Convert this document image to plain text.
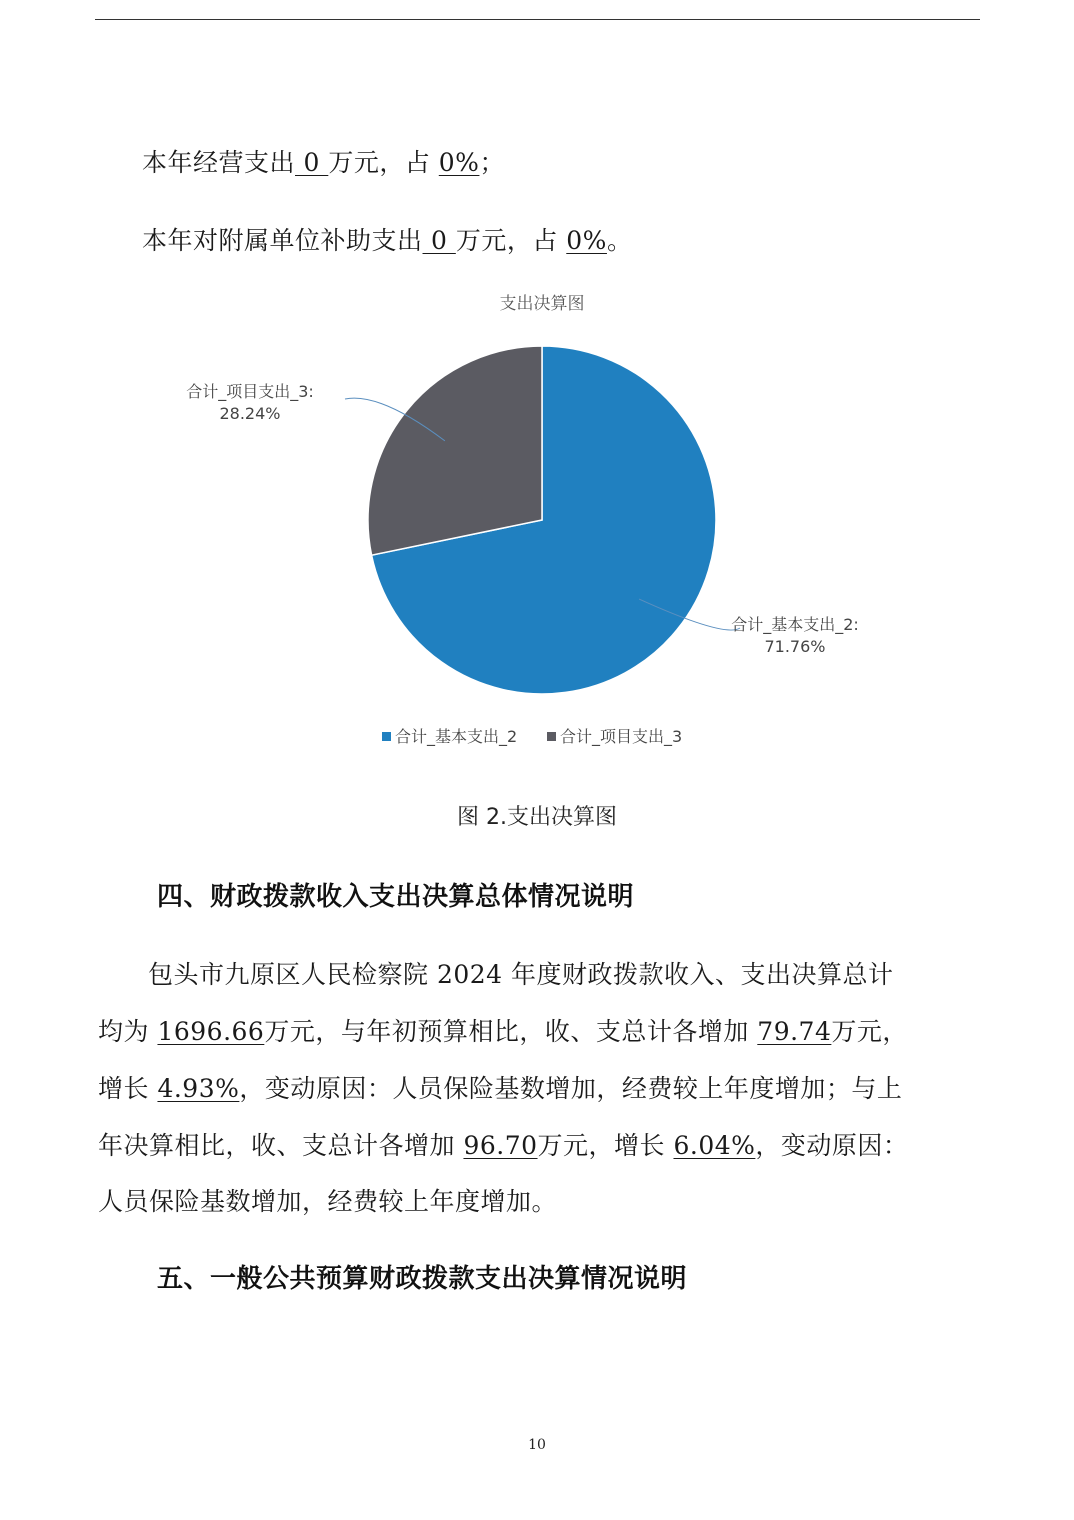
本年经营支出 0 万元，占 0%；
本年对附属单位补助支出 0 万元，占 0%。
支出决算图
合计_基本支出_2:
71.76%
合计_项目支出_3:
28.24%
合计_基本支出_2	合计_项目支出_3
图 2.支出决算图
四、财政拨款收入支出决算总体情况说明
包头市九原区人民检察院 2024 年度财政拨款收入、支出决算总计
均为 1696.66万元，与年初预算相比，收、支总计各增加 79.74万元，
增长 4.93%，变动原因：人员保险基数增加，经费较上年度增加；与上
年决算相比，收、支总计各增加 96.70万元，增长 6.04%，变动原因：
人员保险基数增加，经费较上年度增加。
五、一般公共预算财政拨款支出决算情况说明
10
